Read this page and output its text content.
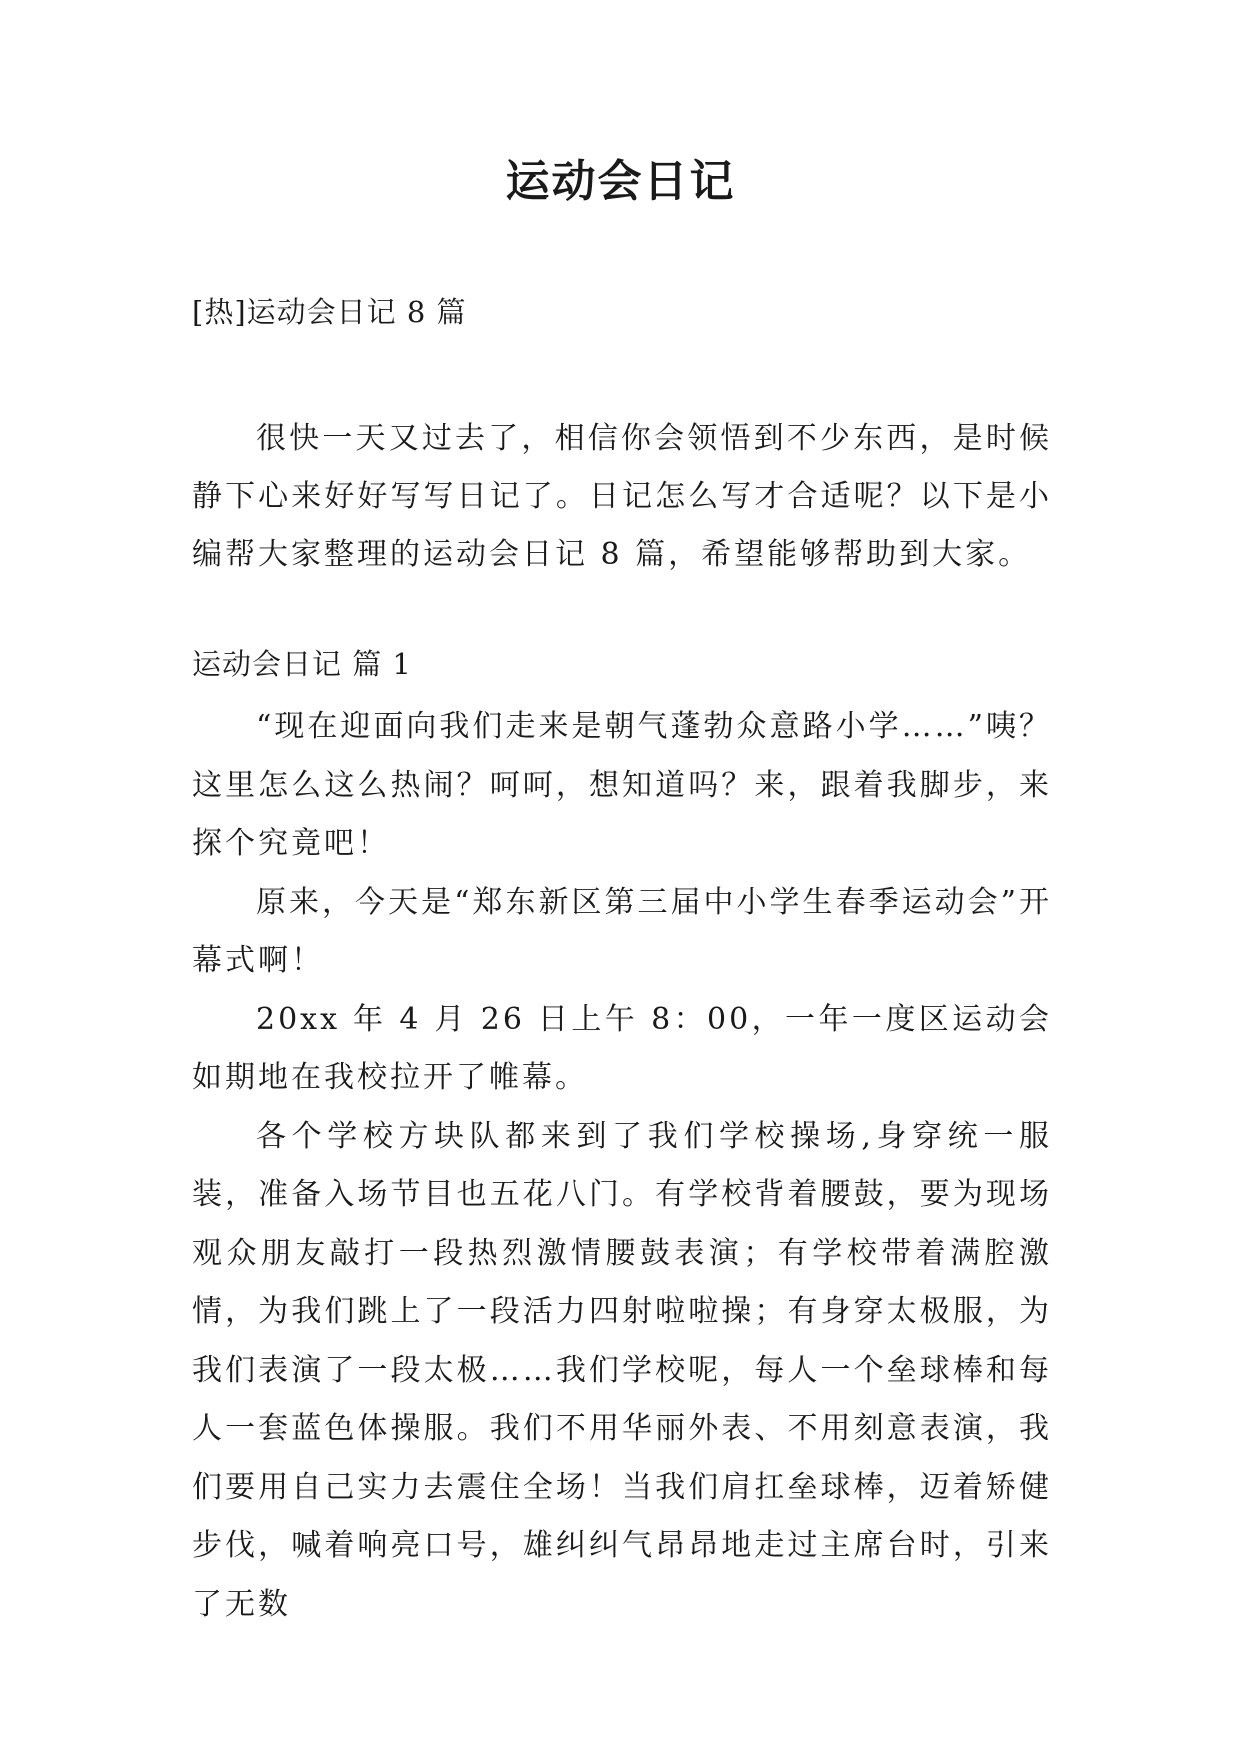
运动会日记
[热]运动会日记 8 篇

很快一天又过去了，相信你会领悟到不少东西，是时候静下心来好好写写日记了。日记怎么写才合适呢？以下是小编帮大家整理的运动会日记 8 篇，希望能够帮助到大家。

运动会日记 篇 1

“现在迎面向我们走来是朝气蓬勃众意路小学……”咦？这里怎么这么热闹？呵呵，想知道吗？来，跟着我脚步，来探个究竟吧！

原来，今天是“郑东新区第三届中小学生春季运动会”开幕式啊！

20xx 年 4 月 26 日上午 8：00，一年一度区运动会如期地在我校拉开了帷幕。

各个学校方块队都来到了我们学校操场,身穿统一服装，准备入场节目也五花八门。有学校背着腰鼓，要为现场观众朋友敲打一段热烈激情腰鼓表演；有学校带着满腔激情，为我们跳上了一段活力四射啦啦操；有身穿太极服，为我们表演了一段太极……我们学校呢，每人一个垒球棒和每人一套蓝色体操服。我们不用华丽外表、不用刻意表演，我们要用自己实力去震住全场！当我们肩扛垒球棒，迈着矫健步伐，喊着响亮口号，雄纠纠气昂昂地走过主席台时，引来了无数
